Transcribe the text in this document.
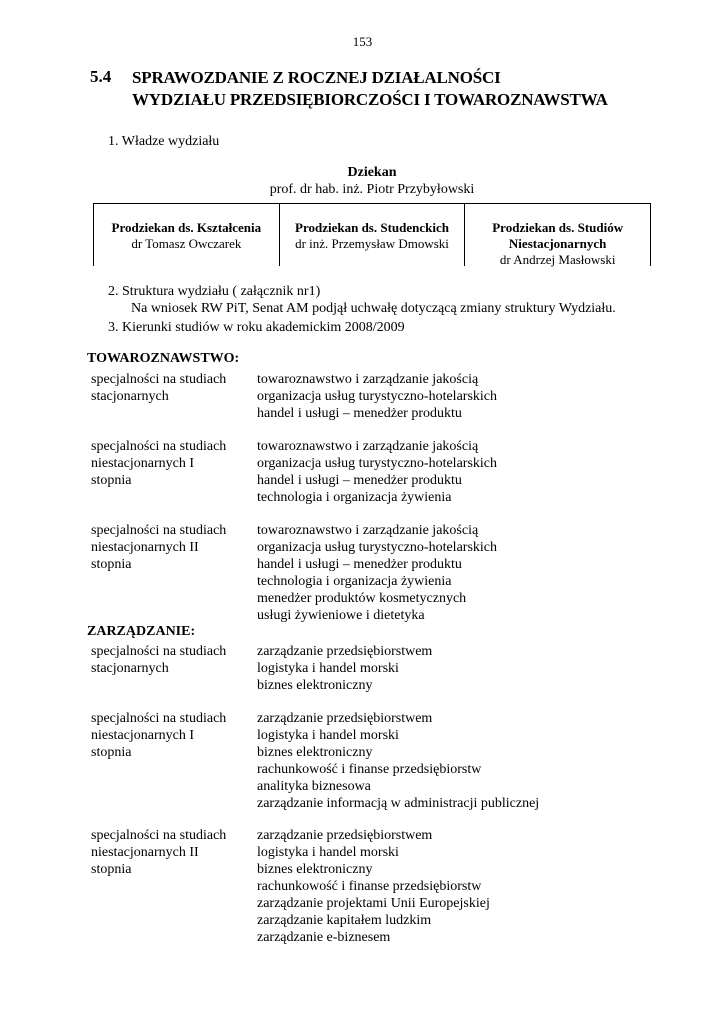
153
5.4 SPRAWOZDANIE Z ROCZNEJ DZIAŁALNOŚCI
WYDZIAŁU PRZEDSIĘBIORCZOŚCI I TOWAROZNAWSTWA
1. Władze wydziału
Dziekan
prof. dr hab. inż. Piotr Przybyłowski
Prodziekan ds. Kształcenia
dr Tomasz Owczarek
Prodziekan ds. Studenckich
dr inż. Przemysław Dmowski
Prodziekan ds. Studiów
Niestacjonarnych
dr Andrzej Masłowski
2. Struktura wydziału ( załącznik nr1)
Na wniosek RW PiT, Senat AM podjął uchwałę dotyczącą zmiany struktury Wydziału.
3. Kierunki studiów w roku akademickim 2008/2009
TOWAROZNAWSTWO:
specjalności na studiach
stacjonarnych
towaroznawstwo i zarządzanie jakością
organizacja usług turystyczno-hotelarskich
handel i usługi – menedżer produktu
specjalności na studiach
niestacjonarnych I
stopnia
towaroznawstwo i zarządzanie jakością
organizacja usług turystyczno-hotelarskich
handel i usługi – menedżer produktu
technologia i organizacja żywienia
specjalności na studiach
niestacjonarnych II
stopnia
towaroznawstwo i zarządzanie jakością
organizacja usług turystyczno-hotelarskich
handel i usługi – menedżer produktu
technologia i organizacja żywienia
menedżer produktów kosmetycznych
usługi żywieniowe i dietetyka
ZARZĄDZANIE:
specjalności na studiach
stacjonarnych
zarządzanie przedsiębiorstwem
logistyka i handel morski
biznes elektroniczny
specjalności na studiach
niestacjonarnych I
stopnia
zarządzanie przedsiębiorstwem
logistyka i handel morski
biznes elektroniczny
rachunkowość i finanse przedsiębiorstw
analityka biznesowa
zarządzanie informacją w administracji publicznej
specjalności na studiach
niestacjonarnych II
stopnia
zarządzanie przedsiębiorstwem
logistyka i handel morski
biznes elektroniczny
rachunkowość i finanse przedsiębiorstw
zarządzanie projektami Unii Europejskiej
zarządzanie kapitałem ludzkim
zarządzanie e-biznesem
